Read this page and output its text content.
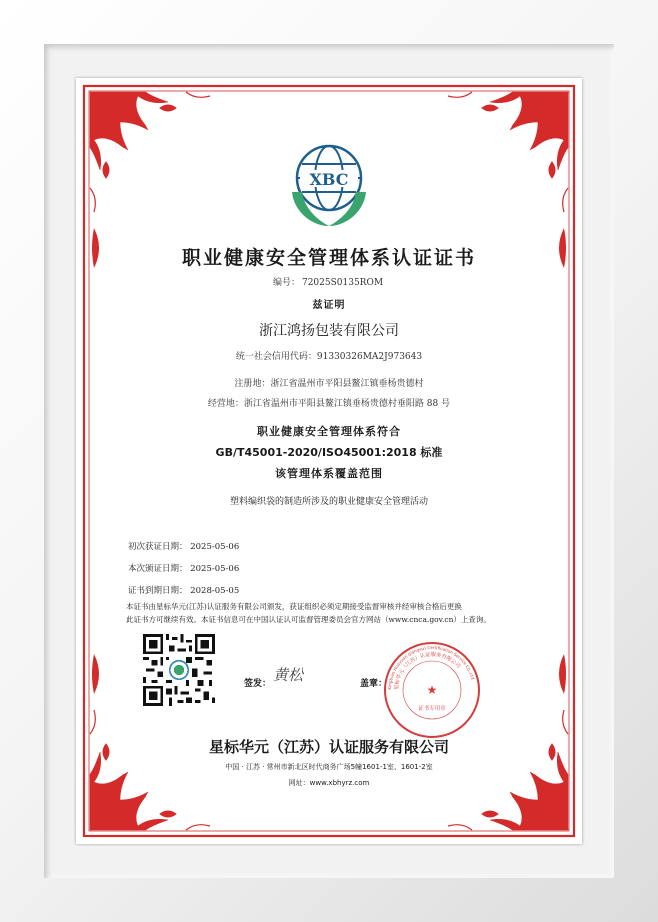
XBC
职业健康安全管理体系认证证书
编号： 72025S0135ROM
兹证明
浙江鸿扬包装有限公司
统一社会信用代码：91330326MA2J973643
注册地：浙江省温州市平阳县鳌江镇垂杨贵德村
经营地：浙江省温州市平阳县鳌江镇垂杨贵德村垂阳路 88 号
职业健康安全管理体系符合
GB/T45001-2020/ISO45001:2018 标准
该管理体系覆盖范围
塑料编织袋的制造所涉及的职业健康安全管理活动
初次获证日期： 2025-05-06
本次颁证日期： 2025-05-06
证书到期日期： 2028-05-05
本证书由星标华元(江苏)认证服务有限公司颁发，获证组织必须定期接受监督审核并经审核合格后更换
此证书方可继续有效。本证书信息可在中国认证认可监督管理委员会官方网站（www.cnca.gov.cn）上查询。
签发： 黄松	盖章：	星标华元（江苏）认证服务有限公司
Xingbiao Huayuan (Jiangsu) Certification Service Co.,Ltd
★
证书专用章
星标华元（江苏）认证服务有限公司
中国 · 江苏 · 常州市新北区时代商务广场5幢1601-1室、1601-2室
网址：www.xbhyrz.com
